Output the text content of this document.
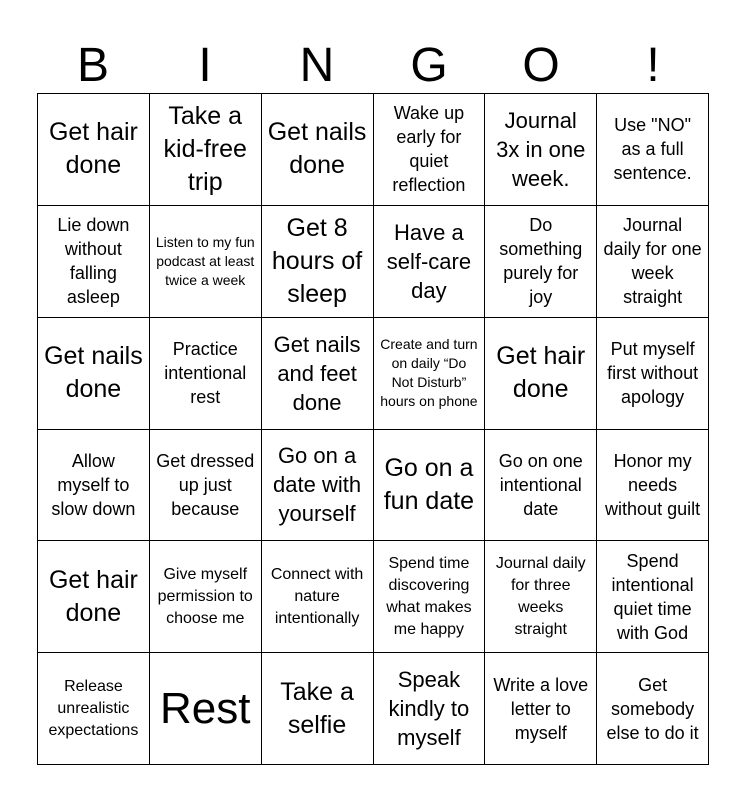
B	I	N	G	O	!
Get hair done
Take a kid-free trip
Get nails done
Wake up early for quiet reflection
Journal 3x in one week.
Use "NO" as a full sentence.
Lie down without falling asleep
Listen to my fun podcast at least twice a week
Get 8 hours of sleep
Have a self-care day
Do something purely for joy
Journal daily for one week straight
Get nails done
Practice intentional rest
Get nails and feet done
Create and turn on daily “Do Not Disturb” hours on phone
Get hair done
Put myself first without apology
Allow myself to slow down
Get dressed up just because
Go on a date with yourself
Go on a fun date
Go on one intentional date
Honor my needs without guilt
Get hair done
Give myself permission to choose me
Connect with nature intentionally
Spend time discovering what makes me happy
Journal daily for three weeks straight
Spend intentional quiet time with God
Release unrealistic expectations Rest	Take a selfie
Speak kindly to myself
Write a love letter to myself
Get somebody else to do it
